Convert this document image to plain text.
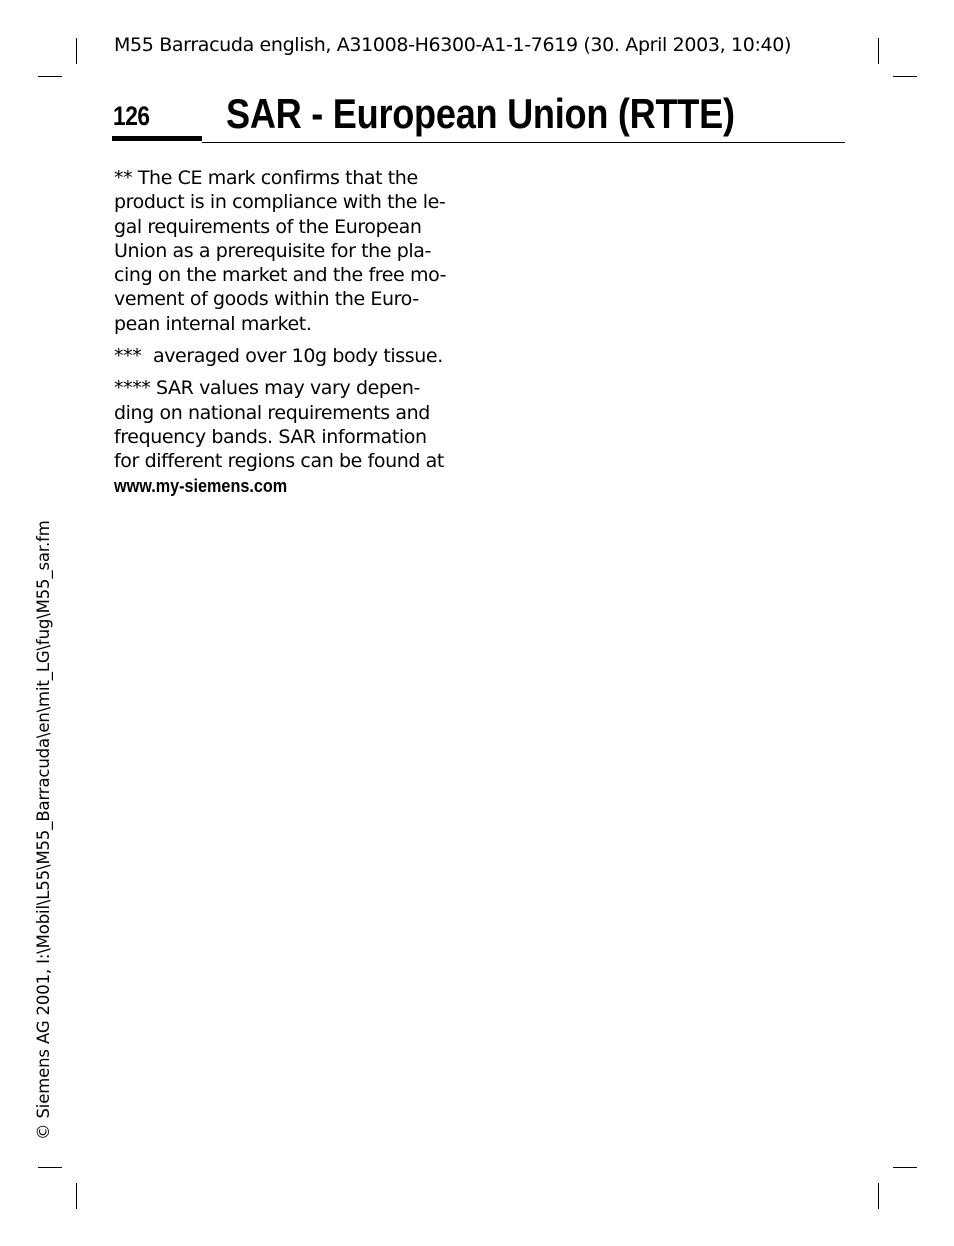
M55 Barracuda english, A31008-H6300-A1-1-7619 (30. April 2003, 10:40)
126 SAR - European Union (RTTE)

** The CE mark confirms that the
product is in compliance with the le-
gal requirements of the European
Union as a prerequisite for the pla-
cing on the market and the free mo-
vement of goods within the Euro-
pean internal market.

*** averaged over 10g body tissue.

**** SAR values may vary depen-
ding on national requirements and
frequency bands. SAR information
for different regions can be found at
www.my-siemens.com

© Siemens AG 2001, I:\Mobil\L55\M55_Barracuda\en\mit_LG\fug\M55_sar.fm
